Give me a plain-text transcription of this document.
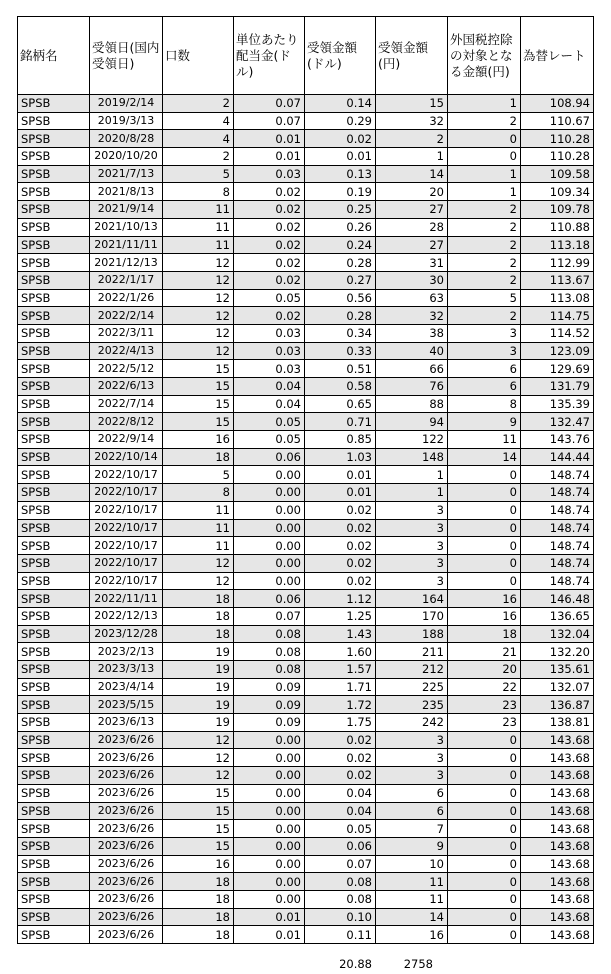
銘柄名	受領日(国内受領日)	口数	単位あたり配当金(ドル)	受領金額(ドル)	受領金額(円)	外国税控除の対象となる金額(円)	為替レート
SPSB	2019/2/14	2	0.07	0.14	15	1	108.94
SPSB	2019/3/13	4	0.07	0.29	32	2	110.67
SPSB	2020/8/28	4	0.01	0.02	2	0	110.28
SPSB	2020/10/20	2	0.01	0.01	1	0	110.28
SPSB	2021/7/13	5	0.03	0.13	14	1	109.58
SPSB	2021/8/13	8	0.02	0.19	20	1	109.34
SPSB	2021/9/14	11	0.02	0.25	27	2	109.78
SPSB	2021/10/13	11	0.02	0.26	28	2	110.88
SPSB	2021/11/11	11	0.02	0.24	27	2	113.18
SPSB	2021/12/13	12	0.02	0.28	31	2	112.99
SPSB	2022/1/17	12	0.02	0.27	30	2	113.67
SPSB	2022/1/26	12	0.05	0.56	63	5	113.08
SPSB	2022/2/14	12	0.02	0.28	32	2	114.75
SPSB	2022/3/11	12	0.03	0.34	38	3	114.52
SPSB	2022/4/13	12	0.03	0.33	40	3	123.09
SPSB	2022/5/12	15	0.03	0.51	66	6	129.69
SPSB	2022/6/13	15	0.04	0.58	76	6	131.79
SPSB	2022/7/14	15	0.04	0.65	88	8	135.39
SPSB	2022/8/12	15	0.05	0.71	94	9	132.47
SPSB	2022/9/14	16	0.05	0.85	122	11	143.76
SPSB	2022/10/14	18	0.06	1.03	148	14	144.44
SPSB	2022/10/17	5	0.00	0.01	1	0	148.74
SPSB	2022/10/17	8	0.00	0.01	1	0	148.74
SPSB	2022/10/17	11	0.00	0.02	3	0	148.74
SPSB	2022/10/17	11	0.00	0.02	3	0	148.74
SPSB	2022/10/17	11	0.00	0.02	3	0	148.74
SPSB	2022/10/17	12	0.00	0.02	3	0	148.74
SPSB	2022/10/17	12	0.00	0.02	3	0	148.74
SPSB	2022/11/11	18	0.06	1.12	164	16	146.48
SPSB	2022/12/13	18	0.07	1.25	170	16	136.65
SPSB	2023/12/28	18	0.08	1.43	188	18	132.04
SPSB	2023/2/13	19	0.08	1.60	211	21	132.20
SPSB	2023/3/13	19	0.08	1.57	212	20	135.61
SPSB	2023/4/14	19	0.09	1.71	225	22	132.07
SPSB	2023/5/15	19	0.09	1.72	235	23	136.87
SPSB	2023/6/13	19	0.09	1.75	242	23	138.81
SPSB	2023/6/26	12	0.00	0.02	3	0	143.68
SPSB	2023/6/26	12	0.00	0.02	3	0	143.68
SPSB	2023/6/26	12	0.00	0.02	3	0	143.68
SPSB	2023/6/26	15	0.00	0.04	6	0	143.68
SPSB	2023/6/26	15	0.00	0.04	6	0	143.68
SPSB	2023/6/26	15	0.00	0.05	7	0	143.68
SPSB	2023/6/26	15	0.00	0.06	9	0	143.68
SPSB	2023/6/26	16	0.00	0.07	10	0	143.68
SPSB	2023/6/26	18	0.00	0.08	11	0	143.68
SPSB	2023/6/26	18	0.00	0.08	11	0	143.68
SPSB	2023/6/26	18	0.01	0.10	14	0	143.68
SPSB	2023/6/26	18	0.01	0.11	16	0	143.68
20.88	2758
